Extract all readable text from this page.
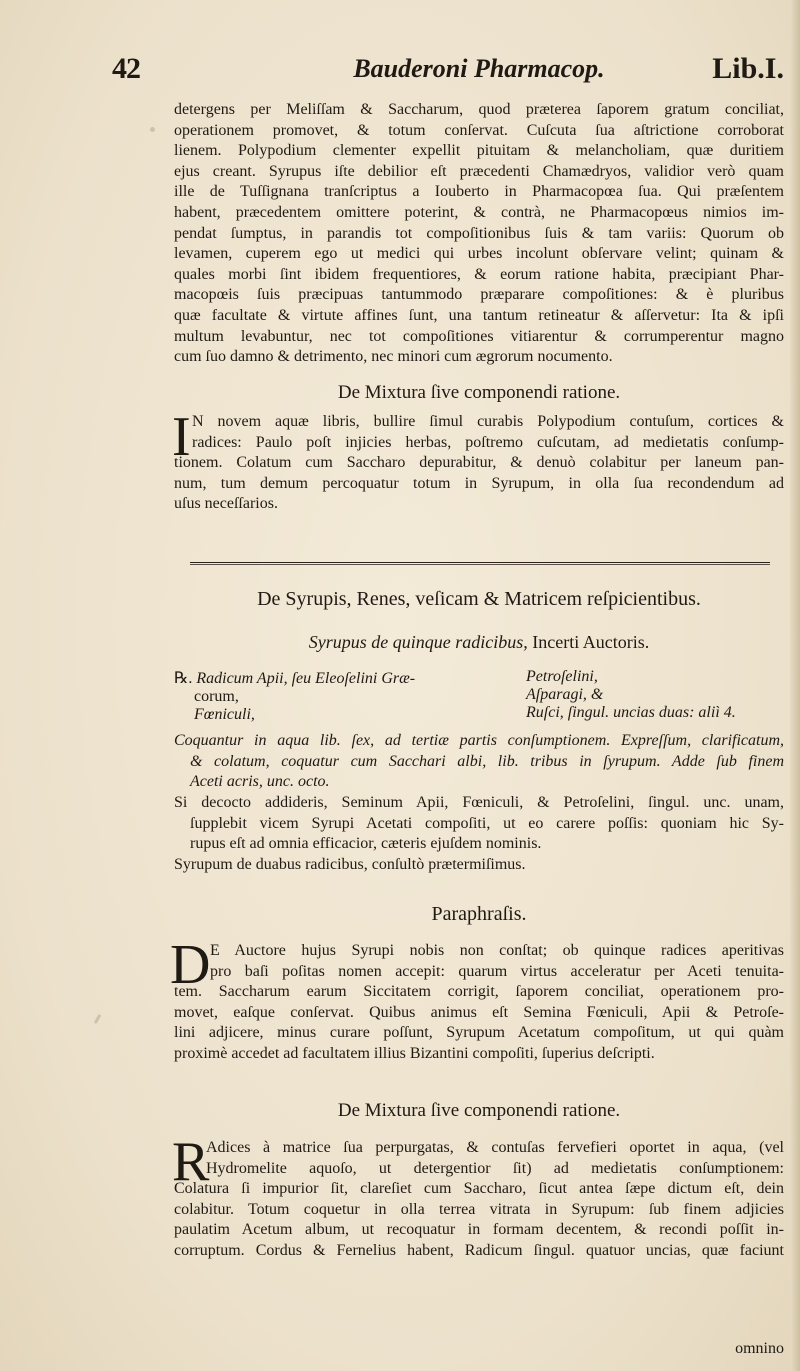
42	Bauderoni Pharmacop.	Lib.I.

detergens per Meliſſam & Saccharum, quod præterea ſaporem gratum conciliat,
operationem promovet, & totum conſervat. Cuſcuta ſua aſtrictione corroborat
lienem. Polypodium clementer expellit pituitam & melancholiam, quæ duritiem
ejus creant. Syrupus iſte debilior eſt præcedenti Chamædryos, validior verò quam
ille de Tuſſignana tranſcriptus a Iouberto in Pharmacopœa ſua. Qui præſentem
habent, præcedentem omittere poterint, & contrà, ne Pharmacopœus nimios im-
pendat ſumptus, in parandis tot compoſitionibus ſuis & tam variis: Quorum ob
levamen, cuperem ego ut medici qui urbes incolunt obſervare velint; quinam &
quales morbi ſint ibidem frequentiores, & eorum ratione habita, præcipiant Phar-
macopœis ſuis præcipuas tantummodo præparare compoſitiones: & è pluribus
quæ facultate & virtute affines ſunt, una tantum retineatur & aſſervetur: Ita & ipſi
multum levabuntur, nec tot compoſitiones vitiarentur & corrumperentur magno
cum ſuo damno & detrimento, nec minori cum ægrorum nocumento.

De Mixtura ſive componendi ratione.

I N novem aquæ libris, bullire ſimul curabis Polypodium contuſum, cortices &
radices: Paulo poſt injicies herbas, poſtremo cuſcutam, ad medietatis conſump-

tionem. Colatum cum Saccharo depurabitur, & denuò colabitur per laneum pan-
num, tum demum percoquatur totum in Syrupum, in olla ſua recondendum ad
uſus neceſſarios.

De Syrupis, Renes, veſicam & Matricem reſpicientibus.

Syrupus de quinque radicibus, Incerti Auctoris.

℞. Radicum Apii, ſeu Eleoſelini Græ-
corum,
Fœniculi,
Petroſelini,
Aſparagi, &
Ruſci, ſingul. uncias duas: aliì 4.

Coquantur in aqua lib. ſex, ad tertiæ partis conſumptionem. Expreſſum, clarificatum,
& colatum, coquatur cum Sacchari albi, lib. tribus in ſyrupum. Adde ſub finem
Aceti acris, unc. octo.

Si decocto addideris, Seminum Apii, Fœniculi, & Petroſelini, ſingul. unc. unam,
ſupplebit vicem Syrupi Acetati compoſiti, ut eo carere poſſis: quoniam hic Sy-
rupus eſt ad omnia efficacior, cæteris ejuſdem nominis.
Syrupum de duabus radicibus, conſultò prætermiſimus.

Paraphraſis.

D E Auctore hujus Syrupi nobis non conſtat; ob quinque radices aperitivas
pro baſi poſitas nomen accepit: quarum virtus acceleratur per Aceti tenuita-

tem. Saccharum earum Siccitatem corrigit, ſaporem conciliat, operationem pro-
movet, eaſque conſervat. Quibus animus eſt Semina Fœniculi, Apii & Petroſe-
lini adjicere, minus curare poſſunt, Syrupum Acetatum compoſitum, ut qui quàm
proximè accedet ad facultatem illius Bizantini compoſiti, ſuperius deſcripti.

De Mixtura ſive componendi ratione.

R

Adices à matrice ſua perpurgatas, & contuſas fervefieri oportet in aqua, (vel
Hydromelite aquoſo, ut detergentior ſit) ad medietatis conſumptionem:

Colatura ſi impurior ſit, clareſiet cum Saccharo, ſicut antea ſæpe dictum eſt, dein
colabitur. Totum coquetur in olla terrea vitrata in Syrupum: ſub finem adjicies
paulatim Acetum album, ut recoquatur in formam decentem, & recondi poſſit in-
corruptum. Cordus & Fernelius habent, Radicum ſingul. quatuor uncias, quæ faciunt

omnino
